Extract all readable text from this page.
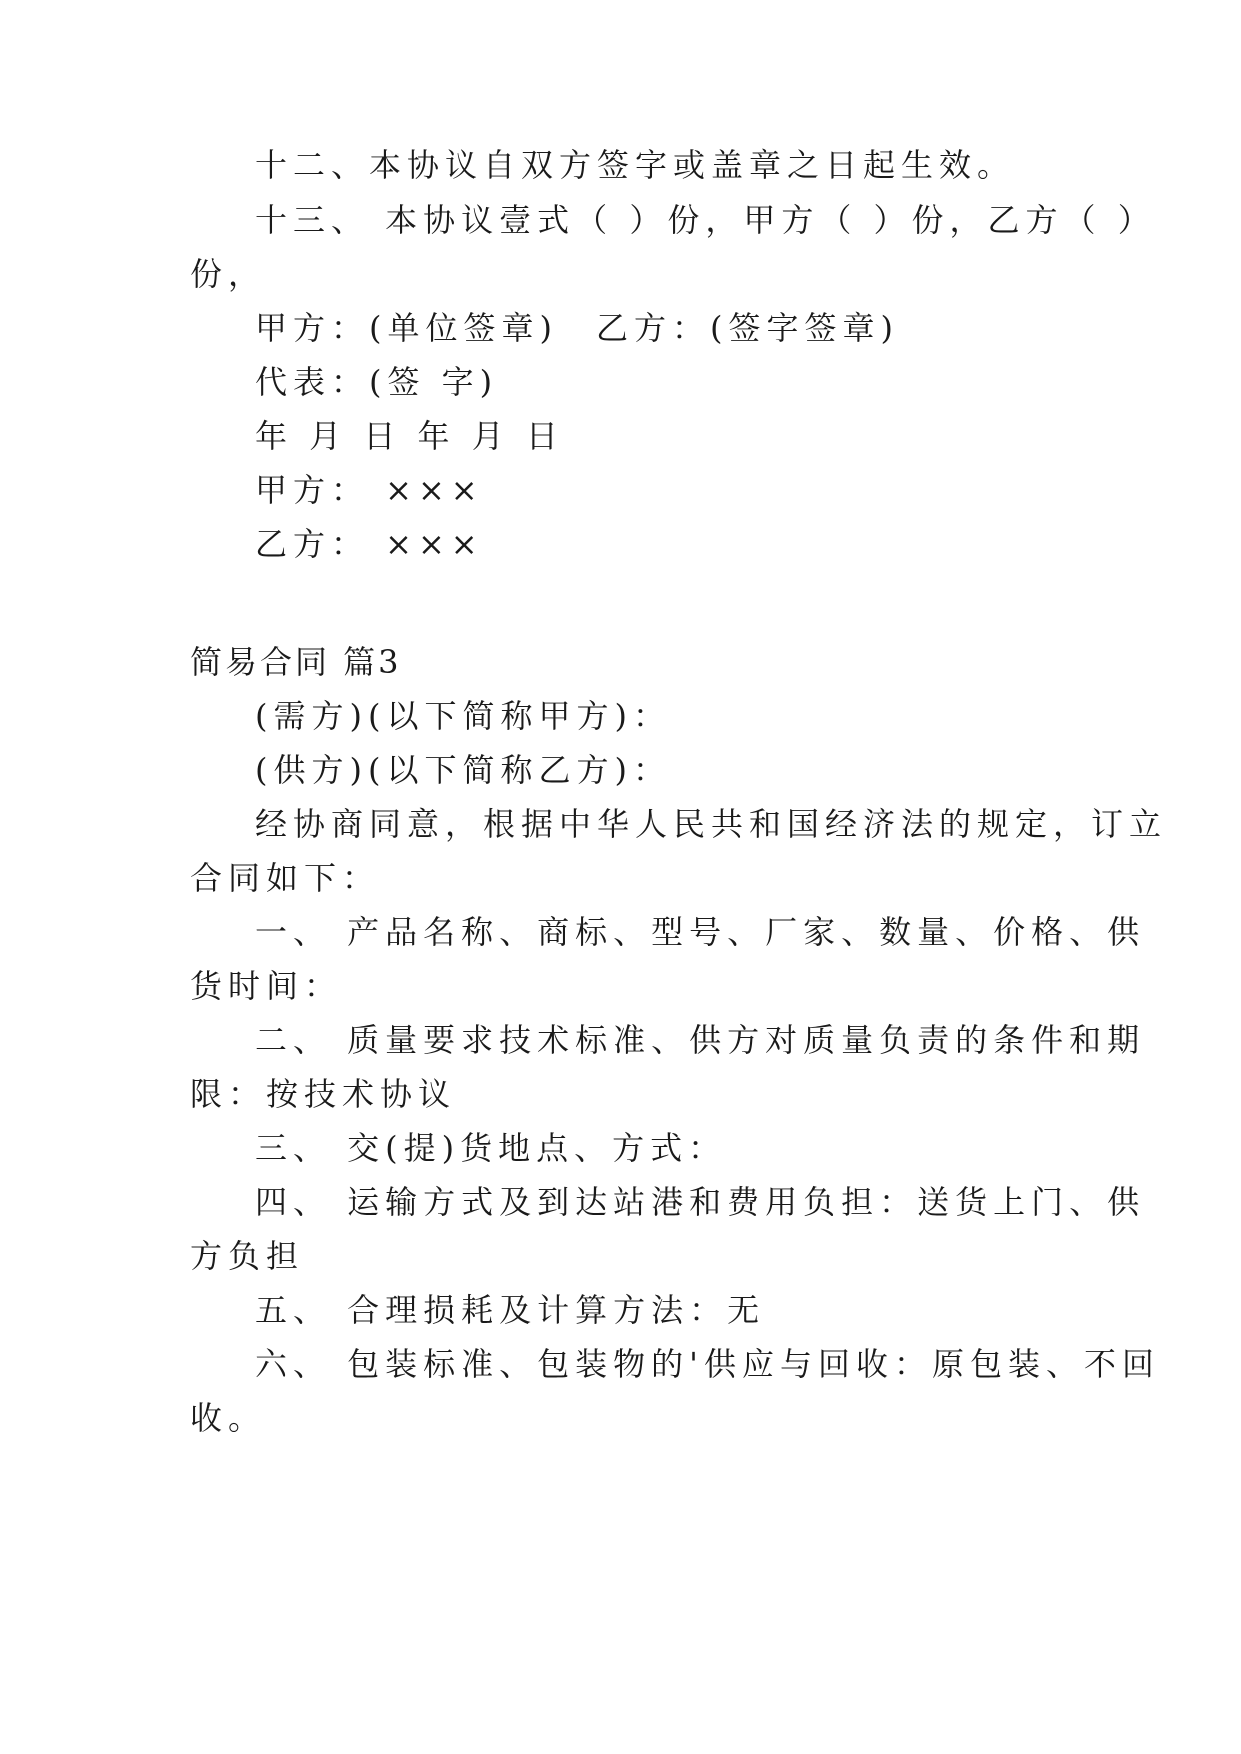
十二、本协议自双方签字或盖章之日起生效。

十三、 本协议壹式（ ）份，甲方（ ）份，乙方（ ）

份，

甲方：(单位签章)　乙方：(签字签章)

代表：(签 字)

年 月 日 年 月 日

甲方： ×××

乙方： ×××

简易合同 篇3

(需方)(以下简称甲方)：

(供方)(以下简称乙方)：

经协商同意，根据中华人民共和国经济法的规定，订立

合同如下：

一、 产品名称、商标、型号、厂家、数量、价格、供

货时间：

二、 质量要求技术标准、供方对质量负责的条件和期

限：按技术协议

三、 交(提)货地点、方式：

四、 运输方式及到达站港和费用负担：送货上门、供

方负担

五、 合理损耗及计算方法：无

六、 包装标准、包装物的'供应与回收：原包装、不回

收。
